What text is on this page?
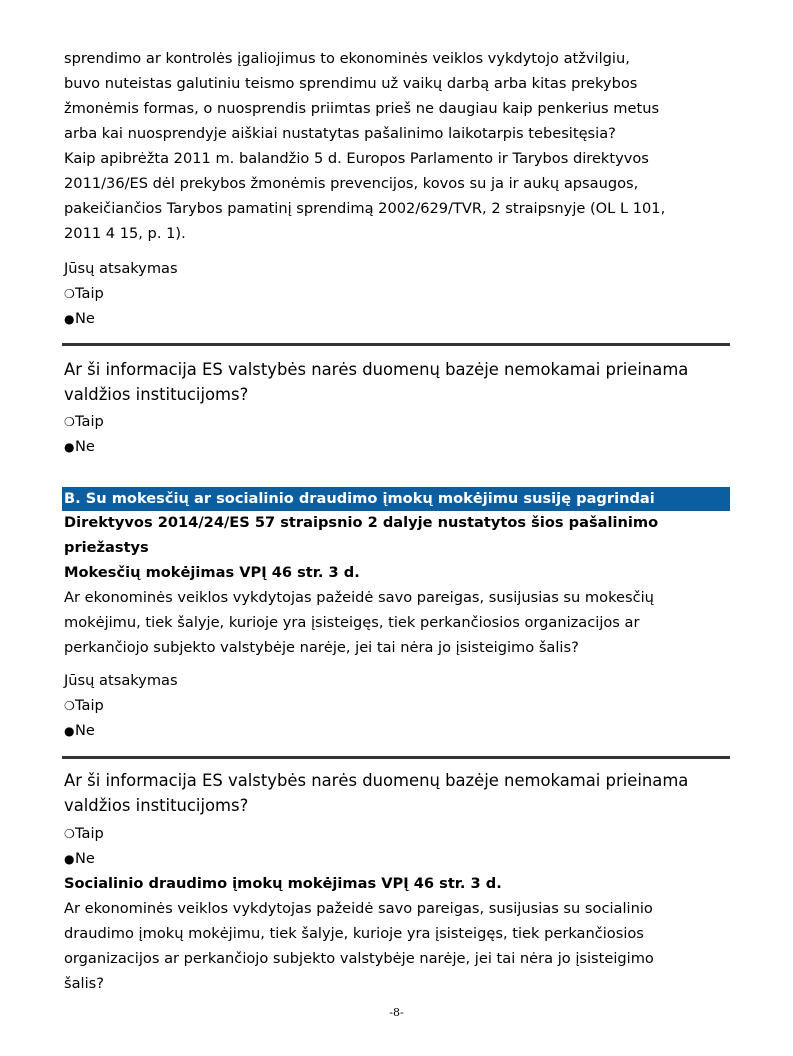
sprendimo ar kontrolės įgaliojimus to ekonominės veiklos vykdytojo atžvilgiu,
buvo nuteistas galutiniu teismo sprendimu už vaikų darbą arba kitas prekybos
žmonėmis formas, o nuosprendis priimtas prieš ne daugiau kaip penkerius metus
arba kai nuosprendyje aiškiai nustatytas pašalinimo laikotarpis tebesitęsia?
Kaip apibrėžta 2011 m. balandžio 5 d. Europos Parlamento ir Tarybos direktyvos
2011/36/ES dėl prekybos žmonėmis prevencijos, kovos su ja ir aukų apsaugos,
pakeičiančios Tarybos pamatinį sprendimą 2002/629/TVR, 2 straipsnyje (OL L 101,
2011 4 15, p. 1).
Jūsų atsakymas
❍Taip
●Ne
Ar ši informacija ES valstybės narės duomenų bazėje nemokamai prieinama
valdžios institucijoms?
❍Taip
●Ne
B. Su mokesčių ar socialinio draudimo įmokų mokėjimu susiję pagrindai
Direktyvos 2014/24/ES 57 straipsnio 2 dalyje nustatytos šios pašalinimo
priežastys
Mokesčių mokėjimas VPĮ 46 str. 3 d.
Ar ekonominės veiklos vykdytojas pažeidė savo pareigas, susijusias su mokesčių
mokėjimu, tiek šalyje, kurioje yra įsisteigęs, tiek perkančiosios organizacijos ar
perkančiojo subjekto valstybėje narėje, jei tai nėra jo įsisteigimo šalis?
Jūsų atsakymas
❍Taip
●Ne
Ar ši informacija ES valstybės narės duomenų bazėje nemokamai prieinama
valdžios institucijoms?
❍Taip
●Ne
Socialinio draudimo įmokų mokėjimas VPĮ 46 str. 3 d.
Ar ekonominės veiklos vykdytojas pažeidė savo pareigas, susijusias su socialinio
draudimo įmokų mokėjimu, tiek šalyje, kurioje yra įsisteigęs, tiek perkančiosios
organizacijos ar perkančiojo subjekto valstybėje narėje, jei tai nėra jo įsisteigimo
šalis?
-8-
